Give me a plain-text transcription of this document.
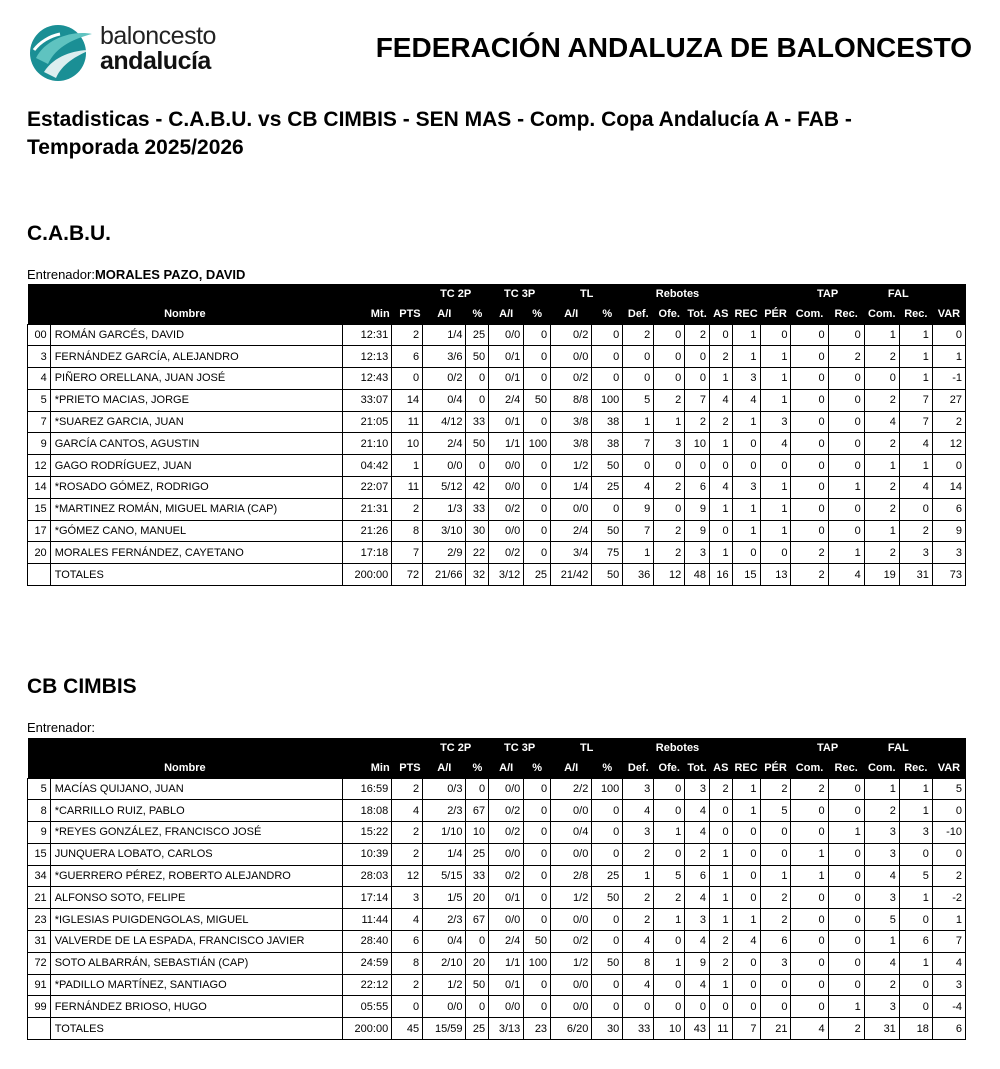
baloncesto
andalucía	FEDERACIÓN ANDALUZA DE BALONCESTO
Estadisticas - C.A.B.U. vs CB CIMBIS - SEN MAS - Comp. Copa Andalucía A - FAB - Temporada 2025/2026
C.A.B.U.
Entrenador:MORALES PAZO, DAVID
				TC 2P		TC 3P		TL		Rebotes						TAP		FAL		
Nombre		Min	PTS	A/I	%	A/I	%	A/I	%	Def.	Ofe.	Tot.	AS	REC	PÉR	Com.	Rec.	Com.	Rec.	VAR
00	ROMÁN GARCÉS, DAVID	12:31	2	1/4	25	0/0	0	0/2	0	2	0	2	0	1	0	0	0	1	1	0
3	FERNÁNDEZ GARCÍA, ALEJANDRO	12:13	6	3/6	50	0/1	0	0/0	0	0	0	0	2	1	1	0	2	2	1	1
4	PIÑERO ORELLANA, JUAN JOSÉ	12:43	0	0/2	0	0/1	0	0/2	0	0	0	0	1	3	1	0	0	0	1	-1
5	*PRIETO MACIAS, JORGE	33:07	14	0/4	0	2/4	50	8/8	100	5	2	7	4	4	1	0	0	2	7	27
7	*SUAREZ GARCIA, JUAN	21:05	11	4/12	33	0/1	0	3/8	38	1	1	2	2	1	3	0	0	4	7	2
9	GARCÍA CANTOS, AGUSTIN	21:10	10	2/4	50	1/1	100	3/8	38	7	3	10	1	0	4	0	0	2	4	12
12	GAGO RODRÍGUEZ, JUAN	04:42	1	0/0	0	0/0	0	1/2	50	0	0	0	0	0	0	0	0	1	1	0
14	*ROSADO GÓMEZ, RODRIGO	22:07	11	5/12	42	0/0	0	1/4	25	4	2	6	4	3	1	0	1	2	4	14
15	*MARTINEZ ROMÁN, MIGUEL MARIA (CAP)	21:31	2	1/3	33	0/2	0	0/0	0	9	0	9	1	1	1	0	0	2	0	6
17	*GÓMEZ CANO, MANUEL	21:26	8	3/10	30	0/0	0	2/4	50	7	2	9	0	1	1	0	0	1	2	9
20	MORALES FERNÁNDEZ, CAYETANO	17:18	7	2/9	22	0/2	0	3/4	75	1	2	3	1	0	0	2	1	2	3	3
	TOTALES	200:00	72	21/66	32	3/12	25	21/42	50	36	12	48	16	15	13	2	4	19	31	73
CB CIMBIS
Entrenador:
				TC 2P		TC 3P		TL		Rebotes						TAP		FAL		
Nombre		Min	PTS	A/I	%	A/I	%	A/I	%	Def.	Ofe.	Tot.	AS	REC	PÉR	Com.	Rec.	Com.	Rec.	VAR
5	MACÍAS QUIJANO, JUAN	16:59	2	0/3	0	0/0	0	2/2	100	3	0	3	2	1	2	2	0	1	1	5
8	*CARRILLO RUIZ, PABLO	18:08	4	2/3	67	0/2	0	0/0	0	4	0	4	0	1	5	0	0	2	1	0
9	*REYES GONZÁLEZ, FRANCISCO JOSÉ	15:22	2	1/10	10	0/2	0	0/4	0	3	1	4	0	0	0	0	1	3	3	-10
15	JUNQUERA LOBATO, CARLOS	10:39	2	1/4	25	0/0	0	0/0	0	2	0	2	1	0	0	1	0	3	0	0
34	*GUERRERO PÉREZ, ROBERTO ALEJANDRO	28:03	12	5/15	33	0/2	0	2/8	25	1	5	6	1	0	1	1	0	4	5	2
21	ALFONSO SOTO, FELIPE	17:14	3	1/5	20	0/1	0	1/2	50	2	2	4	1	0	2	0	0	3	1	-2
23	*IGLESIAS PUIGDENGOLAS, MIGUEL	11:44	4	2/3	67	0/0	0	0/0	0	2	1	3	1	1	2	0	0	5	0	1
31	VALVERDE DE LA ESPADA, FRANCISCO JAVIER	28:40	6	0/4	0	2/4	50	0/2	0	4	0	4	2	4	6	0	0	1	6	7
72	SOTO ALBARRÁN, SEBASTIÁN (CAP)	24:59	8	2/10	20	1/1	100	1/2	50	8	1	9	2	0	3	0	0	4	1	4
91	*PADILLO MARTÍNEZ, SANTIAGO	22:12	2	1/2	50	0/1	0	0/0	0	4	0	4	1	0	0	0	0	2	0	3
99	FERNÁNDEZ BRIOSO, HUGO	05:55	0	0/0	0	0/0	0	0/0	0	0	0	0	0	0	0	0	1	3	0	-4
	TOTALES	200:00	45	15/59	25	3/13	23	6/20	30	33	10	43	11	7	21	4	2	31	18	6
